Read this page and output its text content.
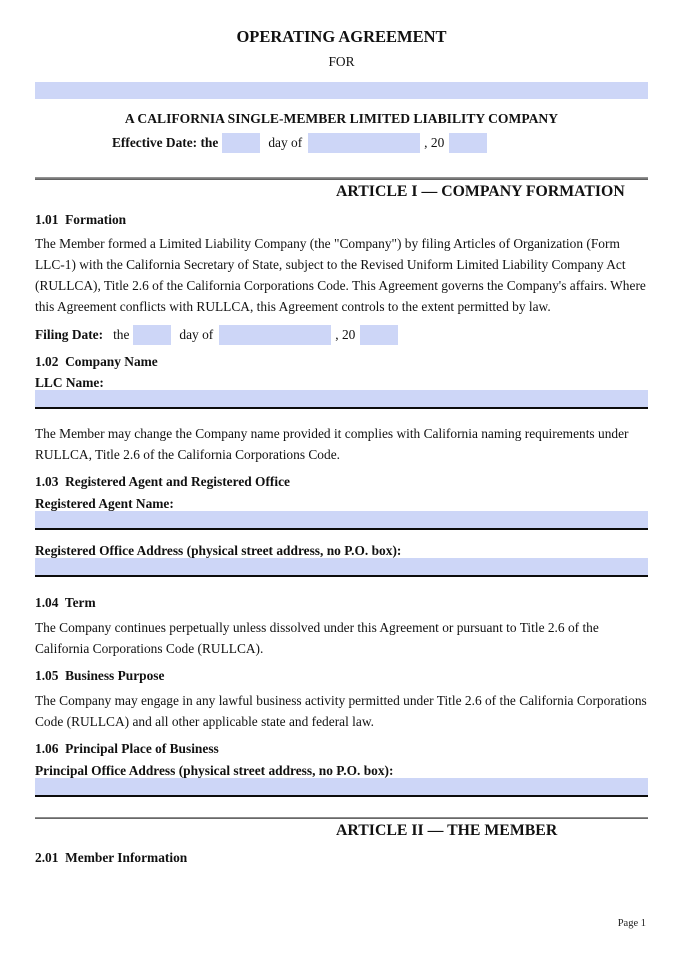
OPERATING AGREEMENT
FOR
A CALIFORNIA SINGLE-MEMBER LIMITED LIABILITY COMPANY
Effective Date: the	day of	, 20
ARTICLE I — COMPANY FORMATION
1.01  Formation
The Member formed a Limited Liability Company (the "Company") by filing Articles of Organization (Form LLC-1) with the California Secretary of State, subject to the Revised Uniform Limited Liability Company Act (RULLCA), Title 2.6 of the California Corporations Code. This Agreement governs the Company's affairs. Where this Agreement conflicts with RULLCA, this Agreement controls to the extent permitted by law.
Filing Date: the	day of	, 20
1.02  Company Name
LLC Name:
The Member may change the Company name provided it complies with California naming requirements under RULLCA, Title 2.6 of the California Corporations Code.
1.03  Registered Agent and Registered Office
Registered Agent Name:
Registered Office Address (physical street address, no P.O. box):
1.04  Term
The Company continues perpetually unless dissolved under this Agreement or pursuant to Title 2.6 of the California Corporations Code (RULLCA).
1.05  Business Purpose
The Company may engage in any lawful business activity permitted under Title 2.6 of the California Corporations Code (RULLCA) and all other applicable state and federal law.
1.06  Principal Place of Business
Principal Office Address (physical street address, no P.O. box):
ARTICLE II — THE MEMBER
2.01  Member Information
Page 1
